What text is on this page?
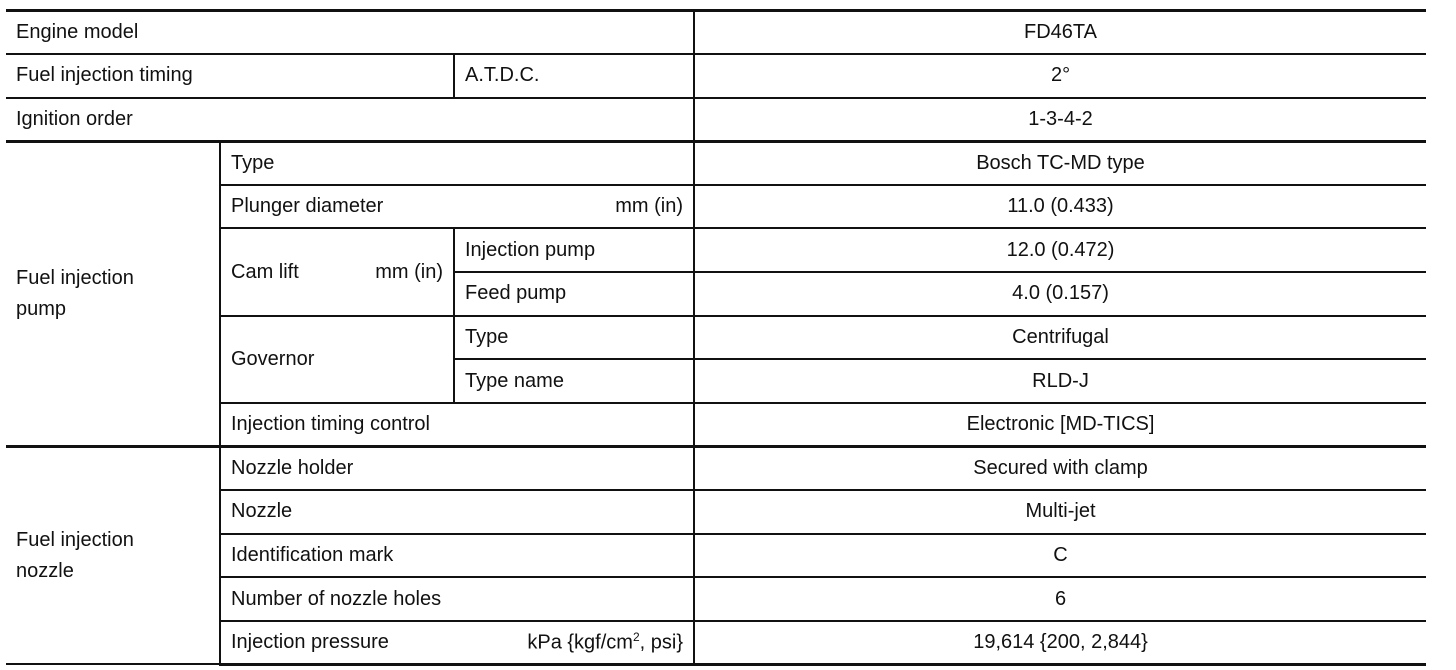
Engine model			FD46TA
Fuel injection timing		A.T.D.C.	2°
Ignition order			1-3-4-2
Fuel injection
pump	Type		Bosch TC-MD type

	Plunger diameter mm (in)		11.0 (0.433)

	Cam lift mm (in)	Injection pump	12.0 (0.472)
		Feed pump	4.0 (0.157)
	Governor	Type	Centrifugal
		Type name	RLD-J
	Injection timing control		Electronic [MD-TICS]
Fuel injection
nozzle	Nozzle holder		Secured with clamp
	Nozzle		Multi-jet
	Identification mark		C
	Number of nozzle holes		6

	Injection pressure kPa {$kgf/cm^2$, psi}		19,614 {200, 2,844}
